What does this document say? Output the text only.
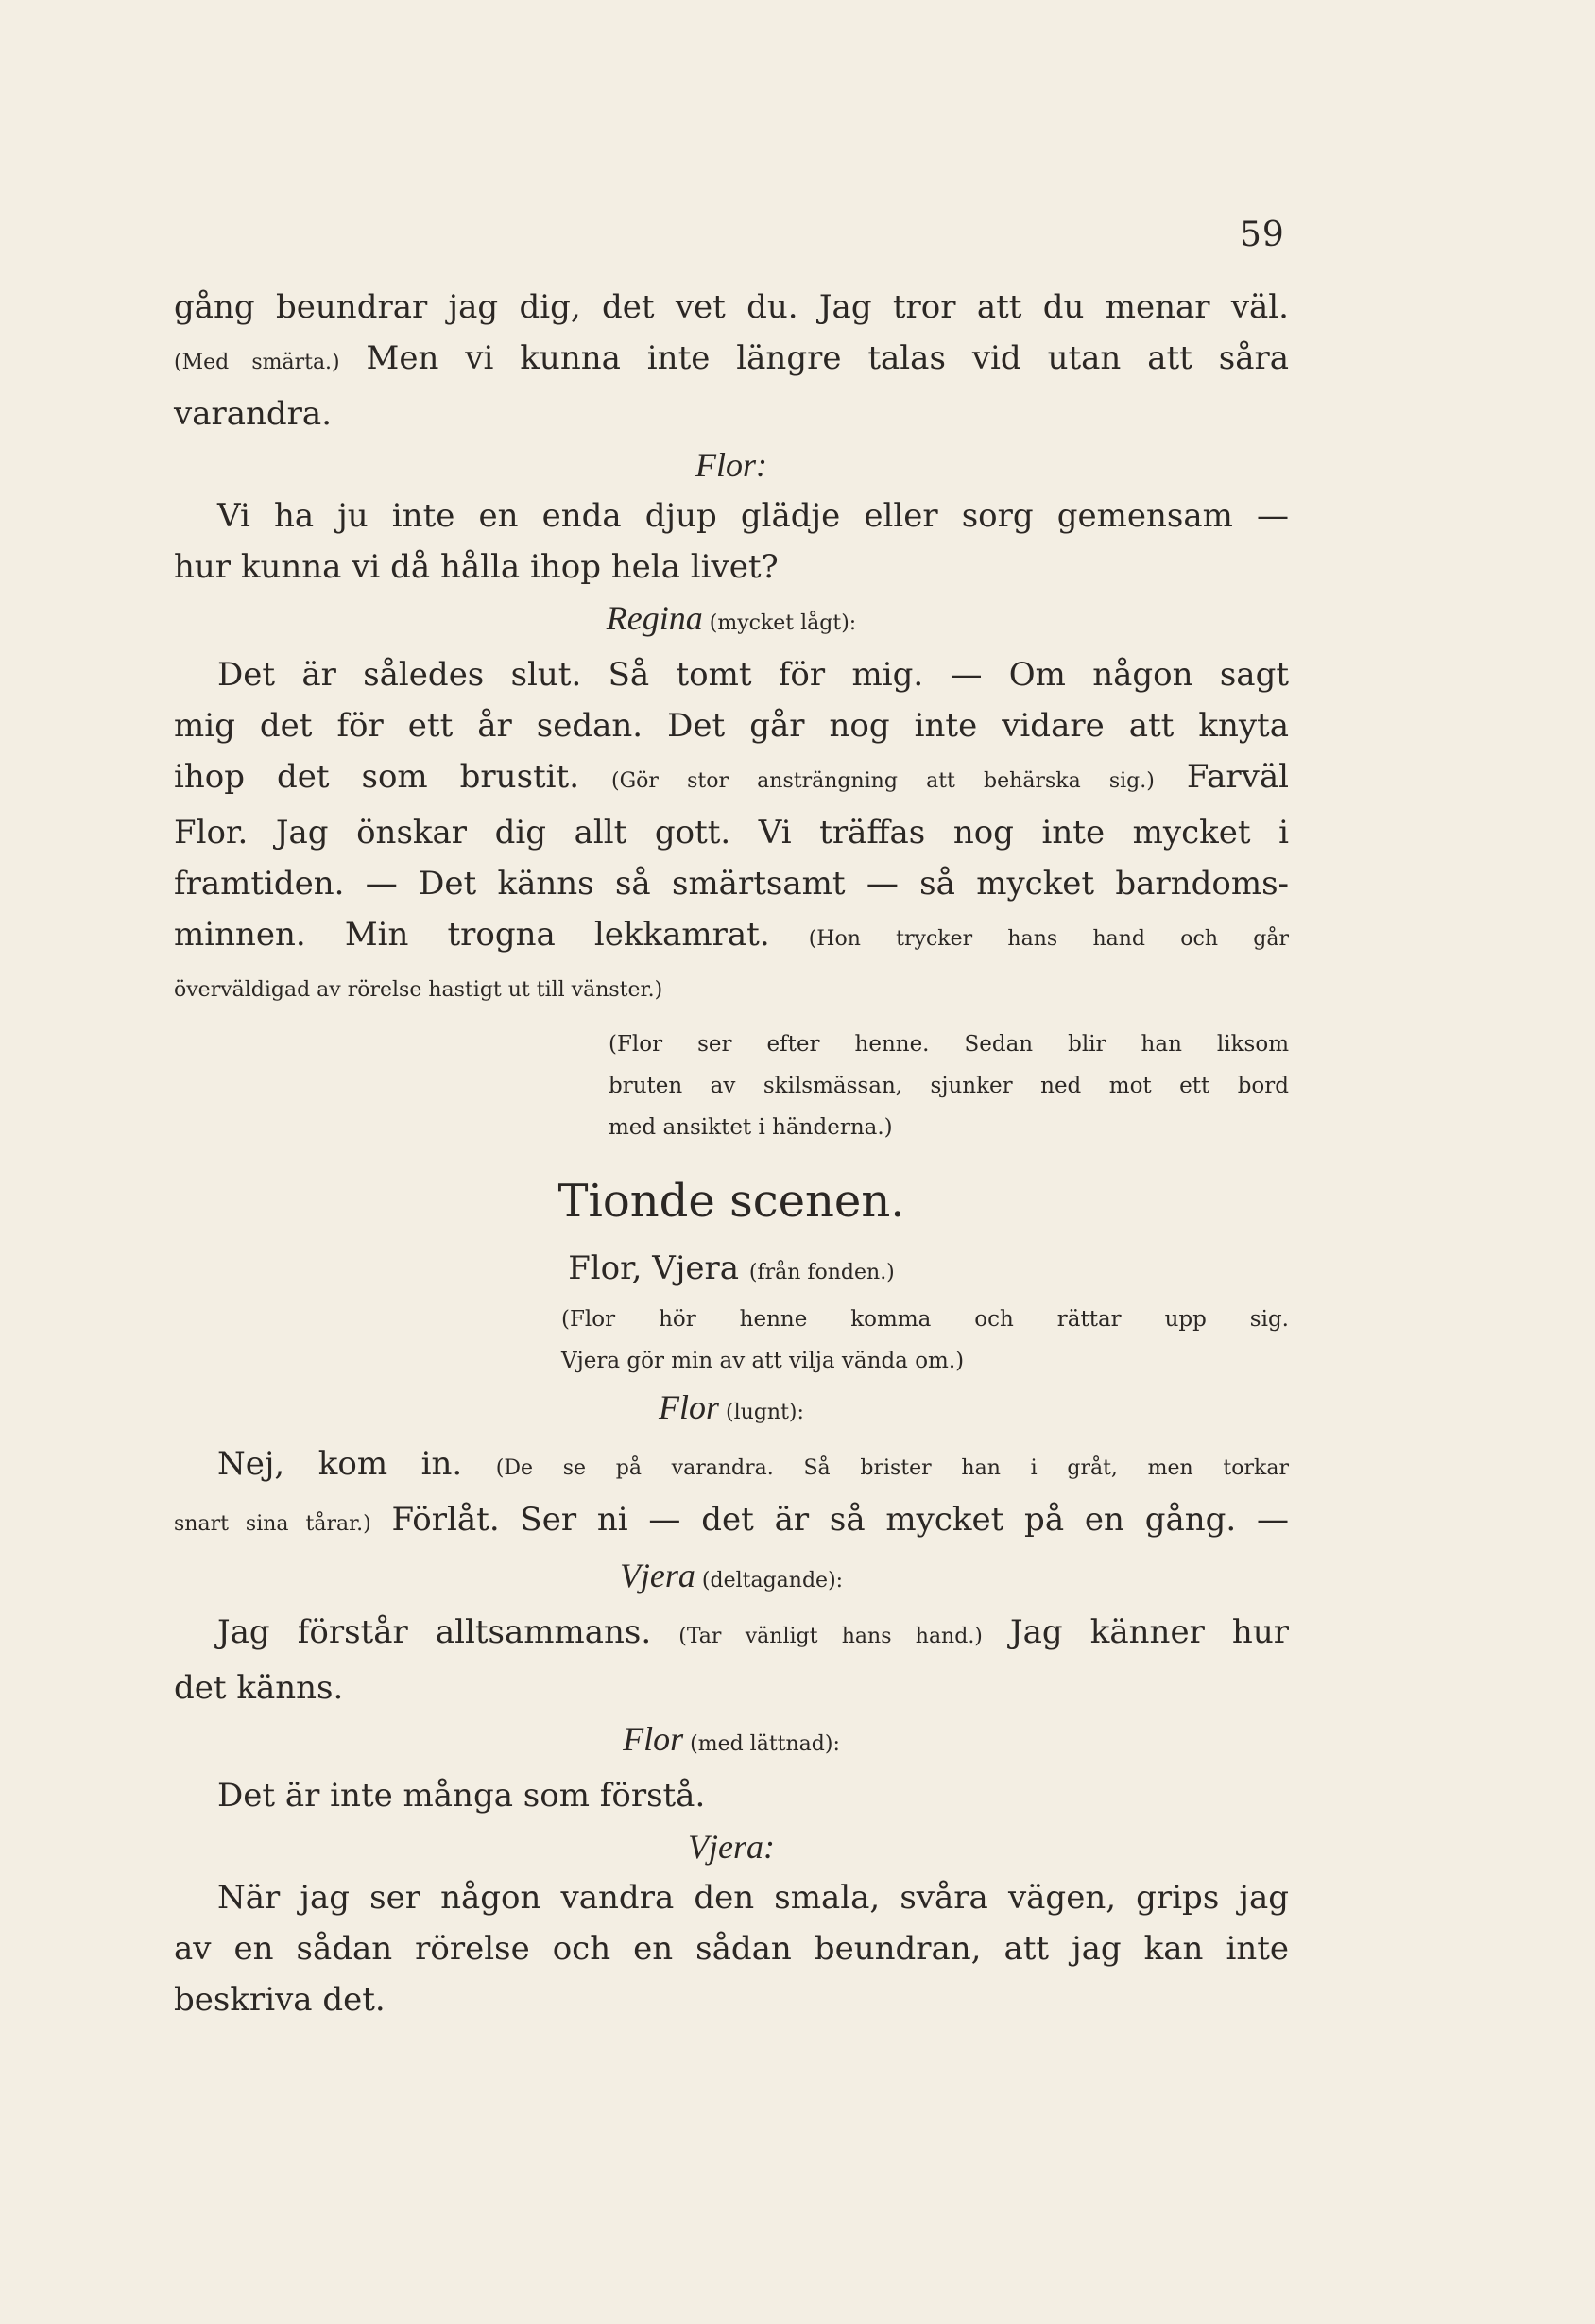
59
gång beundrar jag dig, det vet du. Jag tror att du menar väl.
(Med smärta.) Men vi kunna inte längre talas vid utan att såra
varandra.
Flor:
Vi ha ju inte en enda djup glädje eller sorg gemensam —
hur kunna vi då hålla ihop hela livet?
Regina (mycket lågt):
Det är således slut. Så tomt för mig. — Om någon sagt
mig det för ett år sedan. Det går nog inte vidare att knyta
ihop det som brustit. (Gör stor ansträngning att behärska sig.) Farväl
Flor. Jag önskar dig allt gott. Vi träffas nog inte mycket i
framtiden. — Det känns så smärtsamt — så mycket barndoms-
minnen. Min trogna lekkamrat. (Hon trycker hans hand och går
överväldigad av rörelse hastigt ut till vänster.)
(Flor ser efter henne. Sedan blir han liksom
bruten av skilsmässan, sjunker ned mot ett bord
med ansiktet i händerna.)
Tionde scenen.
Flor, Vjera (från fonden.)
(Flor hör henne komma och rättar upp sig.
Vjera gör min av att vilja vända om.)
Flor (lugnt):
Nej, kom in. (De se på varandra. Så brister han i gråt, men torkar
snart sina tårar.) Förlåt. Ser ni — det är så mycket på en gång. —
Vjera (deltagande):
Jag förstår alltsammans. (Tar vänligt hans hand.) Jag känner hur
det känns.
Flor (med lättnad):
Det är inte många som förstå.
Vjera:
När jag ser någon vandra den smala, svåra vägen, grips jag
av en sådan rörelse och en sådan beundran, att jag kan inte
beskriva det.
